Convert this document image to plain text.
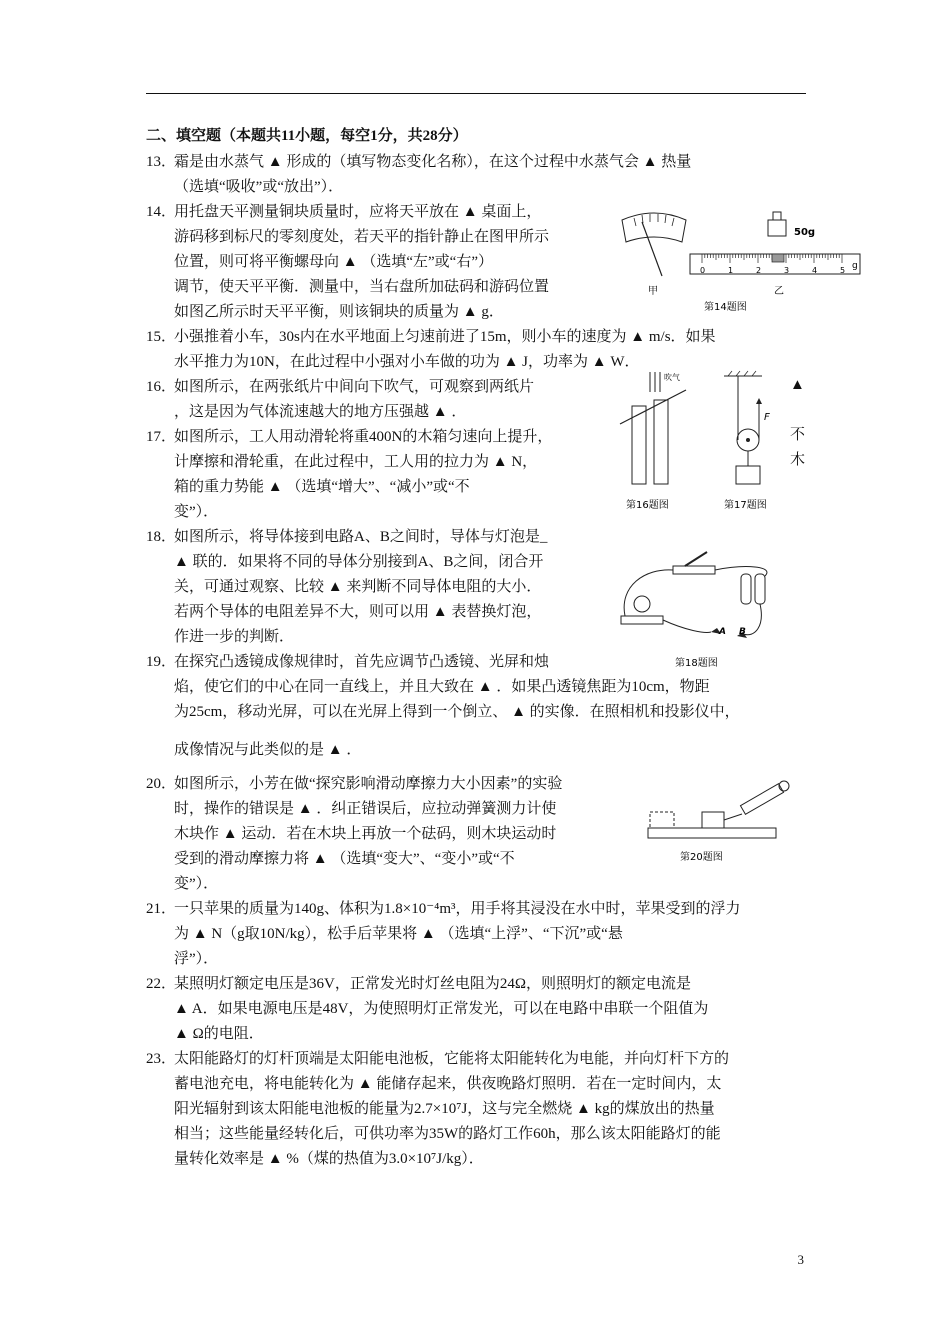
二、填空题（本题共11小题，每空1分，共28分）
13．
霜是由水蒸气 ▲ 形成的（填写物态变化名称），在这个过程中水蒸气会 ▲ 热量
（选填“吸收”或“放出”）．
14．
用托盘天平测量铜块质量时，应将天平放在 ▲ 桌面上，
游码移到标尺的零刻度处，若天平的指针静止在图甲所示
位置，则可将平衡螺母向 ▲ （选填“左”或“右”）
调节，使天平平衡．测量中，当右盘所加砝码和游码位置
如图乙所示时天平平衡，则该铜块的质量为 ▲ g．
15．
小强推着小车，30s内在水平地面上匀速前进了15m，则小车的速度为 ▲ m/s．如果
水平推力为10N，在此过程中小强对小车做的功为 ▲ J，功率为 ▲ W．
16．
如图所示，在两张纸片中间向下吹气，可观察到两纸片
，这是因为气体流速越大的地方压强越 ▲ ．
17．
如图所示，工人用动滑轮将重400N的木箱匀速向上提升，
计摩擦和滑轮重，在此过程中，工人用的拉力为 ▲ N，
箱的重力势能 ▲ （选填“增大”、“减小”或“不
变”）．
18．
如图所示，将导体接到电路A、B之间时，导体与灯泡是_
▲ 联的．如果将不同的导体分别接到A、B之间，闭合开
关，可通过观察、比较 ▲ 来判断不同导体电阻的大小．
若两个导体的电阻差异不大，则可以用 ▲ 表替换灯泡，
作进一步的判断．
19．
在探究凸透镜成像规律时，首先应调节凸透镜、光屏和烛
焰，使它们的中心在同一直线上，并且大致在 ▲ ．如果凸透镜焦距为10cm，物距
为25cm，移动光屏，可以在光屏上得到一个倒立、 ▲ 的实像．在照相机和投影仪中，
成像情况与此类似的是 ▲ ．
20．
如图所示，小芳在做“探究影响滑动摩擦力大小因素”的实验
时，操作的错误是 ▲ ．纠正错误后，应拉动弹簧测力计使
木块作 ▲ 运动．若在木块上再放一个砝码，则木块运动时
受到的滑动摩擦力将 ▲ （选填“变大”、“变小”或“不
变”）．
21．
一只苹果的质量为140g、体积为1.8×10⁻⁴m³，用手将其浸没在水中时，苹果受到的浮力
为 ▲ N（g取10N/kg），松手后苹果将 ▲ （选填“上浮”、“下沉”或“悬
浮”）．
22．
某照明灯额定电压是36V，正常发光时灯丝电阻为24Ω，则照明灯的额定电流是
▲ A．如果电源电压是48V，为使照明灯正常发光，可以在电路中串联一个阻值为
▲ Ω的电阻．
23．
太阳能路灯的灯杆顶端是太阳能电池板，它能将太阳能转化为电能，并向灯杆下方的
蓄电池充电，将电能转化为 ▲ 能储存起来，供夜晚路灯照明．若在一定时间内，太
阳光辐射到该太阳能电池板的能量为2.7×10⁷J，这与完全燃烧 ▲ kg的煤放出的热量
相当；这些能量经转化后，可供功率为35W的路灯工作60h，那么该太阳能路灯的能
量转化效率是 ▲ %（煤的热值为3.0×10⁷J/kg）．
▲
不
木
甲
50g
g
0	1	2	3	4	5
乙
第14题图
吹气
第16题图
F
第17题图
A B
第18题图
第20题图
3
